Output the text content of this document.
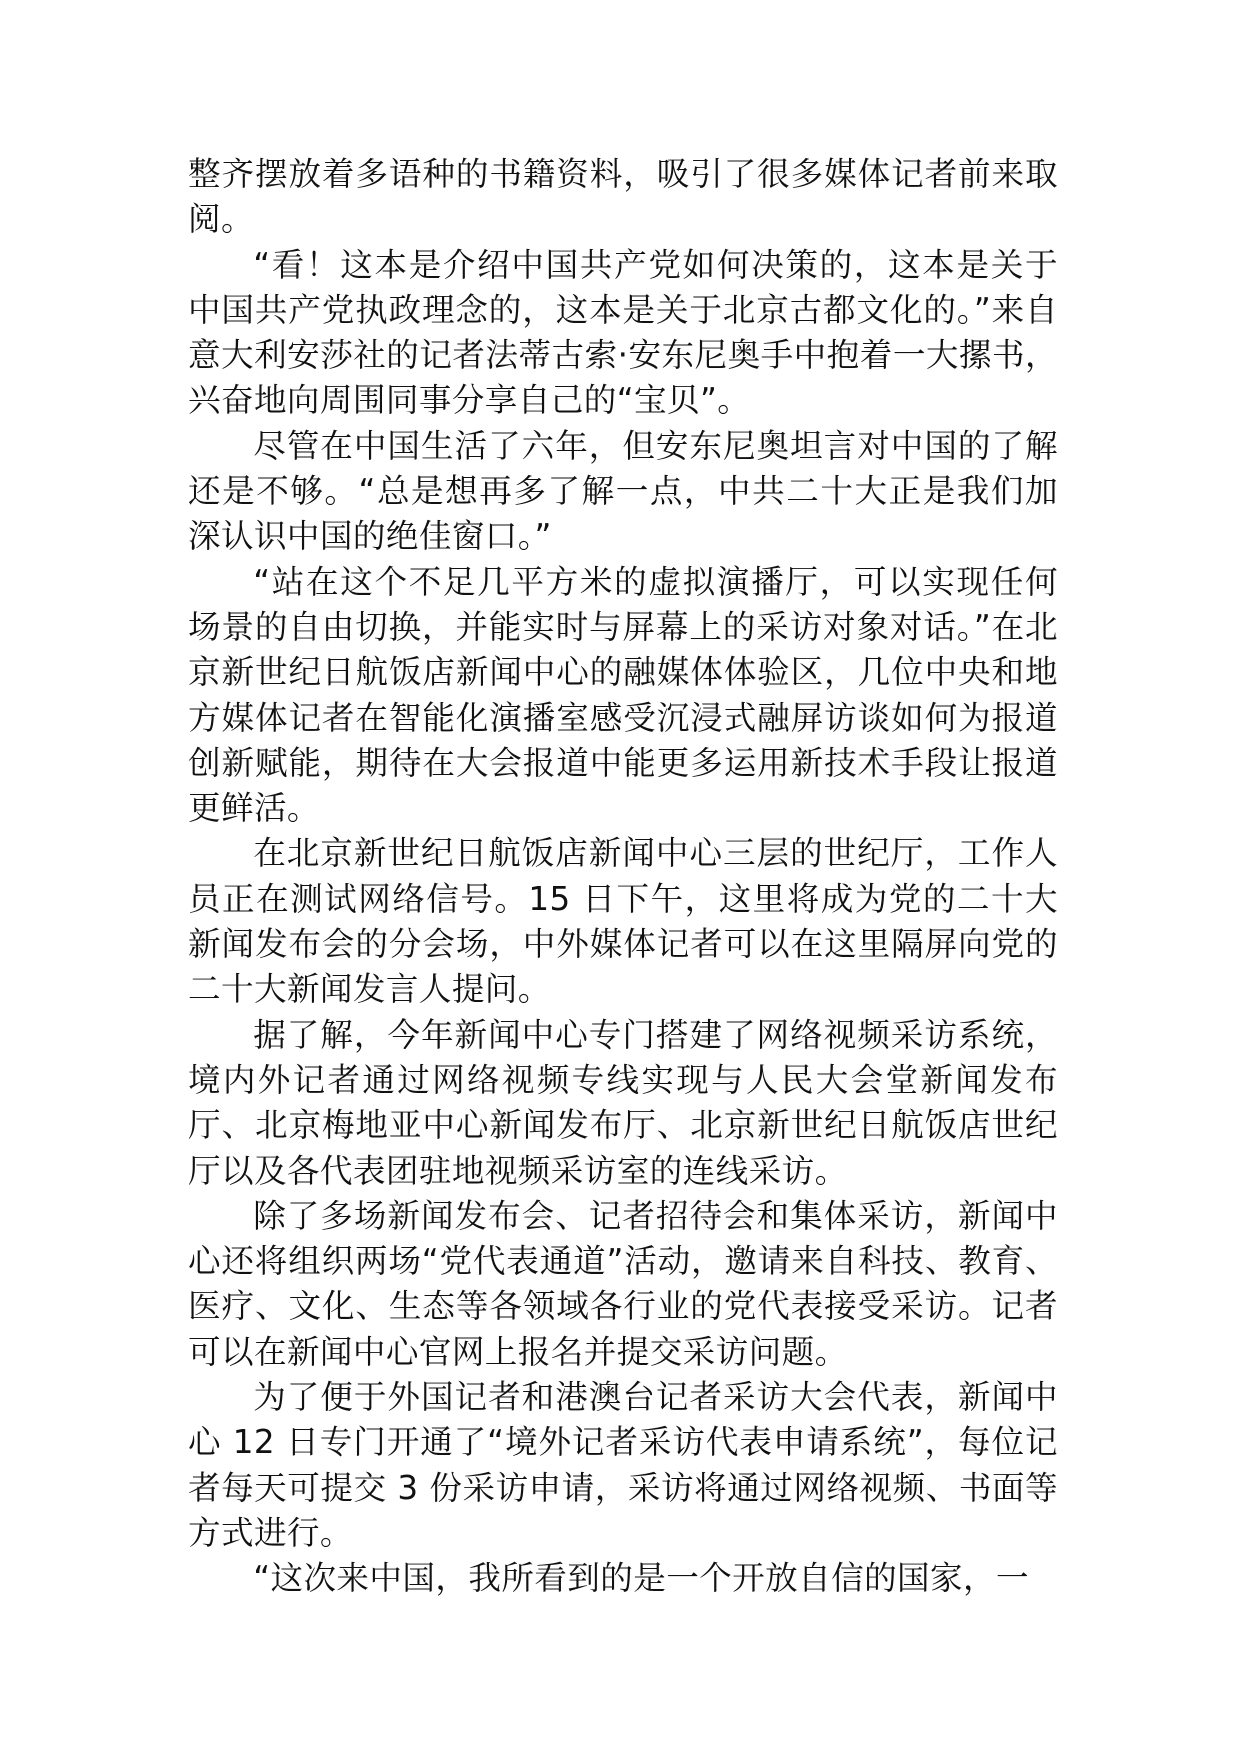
整齐摆放着多语种的书籍资料，吸引了很多媒体记者前来取阅。

“看！这本是介绍中国共产党如何决策的，这本是关于中国共产党执政理念的，这本是关于北京古都文化的。”来自意大利安莎社的记者法蒂古索·安东尼奥手中抱着一大摞书，兴奋地向周围同事分享自己的“宝贝”。

尽管在中国生活了六年，但安东尼奥坦言对中国的了解还是不够。“总是想再多了解一点，中共二十大正是我们加深认识中国的绝佳窗口。”

“站在这个不足几平方米的虚拟演播厅，可以实现任何场景的自由切换，并能实时与屏幕上的采访对象对话。”在北京新世纪日航饭店新闻中心的融媒体体验区，几位中央和地方媒体记者在智能化演播室感受沉浸式融屏访谈如何为报道创新赋能，期待在大会报道中能更多运用新技术手段让报道更鲜活。

在北京新世纪日航饭店新闻中心三层的世纪厅，工作人员正在测试网络信号。15 日下午，这里将成为党的二十大新闻发布会的分会场，中外媒体记者可以在这里隔屏向党的二十大新闻发言人提问。

据了解，今年新闻中心专门搭建了网络视频采访系统，境内外记者通过网络视频专线实现与人民大会堂新闻发布厅、北京梅地亚中心新闻发布厅、北京新世纪日航饭店世纪厅以及各代表团驻地视频采访室的连线采访。

除了多场新闻发布会、记者招待会和集体采访，新闻中心还将组织两场“党代表通道”活动，邀请来自科技、教育、医疗、文化、生态等各领域各行业的党代表接受采访。记者可以在新闻中心官网上报名并提交采访问题。

为了便于外国记者和港澳台记者采访大会代表，新闻中心 12 日专门开通了“境外记者采访代表申请系统”，每位记者每天可提交 3 份采访申请，采访将通过网络视频、书面等方式进行。

“这次来中国，我所看到的是一个开放自信的国家，一
